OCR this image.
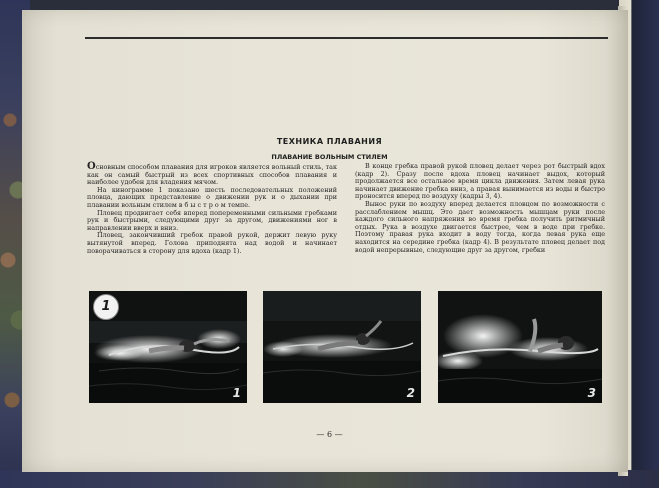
ТЕХНИКА ПЛАВАНИЯ
ПЛАВАНИЕ ВОЛЬНЫМ СТИЛЕМ

Основным способом плавания для игроков является вольный стиль, так как он самый быстрый из всех спортивных способов плавания и наиболее удобен для владения мячом.

На кинограмме 1 показано шесть последовательных положений пловца, дающих представление о движении рук и о дыхании при плавании вольным стилем в б ы с т р о м темпе.

Пловец продвигает себя вперед попеременными сильными гребками рук и быстрыми, следующими друг за другом, движениями ног в направлении вверх и вниз.

Пловец, закончивший гребок правой рукой, держит левую руку вытянутой вперед. Голова приподнята над водой и начинает поворачиваться в сторону для вдоха (кадр 1).

В конце гребка правой рукой пловец делает через рот быстрый вдох (кадр 2). Сразу после вдоха пловец начинает выдох, который продолжается все остальное время цикла движения. Затем левая рука начинает движение гребка вниз, а правая вынимается из воды и быстро проносится вперед по воздуху (кадры 3, 4).

Вынос руки по воздуху вперед делается пловцом по возможности с расслаблением мышц. Это дает возможность мышцам руки после каждого сильного напряжения во время гребка получить ритмичный отдых. Рука в воздухе двигается быстрее, чем в воде при гребке. Поэтому правая рука входит в воду тогда, когда левая рука еще находится на середине гребка (кадр 4). В результате пловец делает под водой непрерывные, следующие друг за другом, гребки

1
1	2	3
— 6 —
